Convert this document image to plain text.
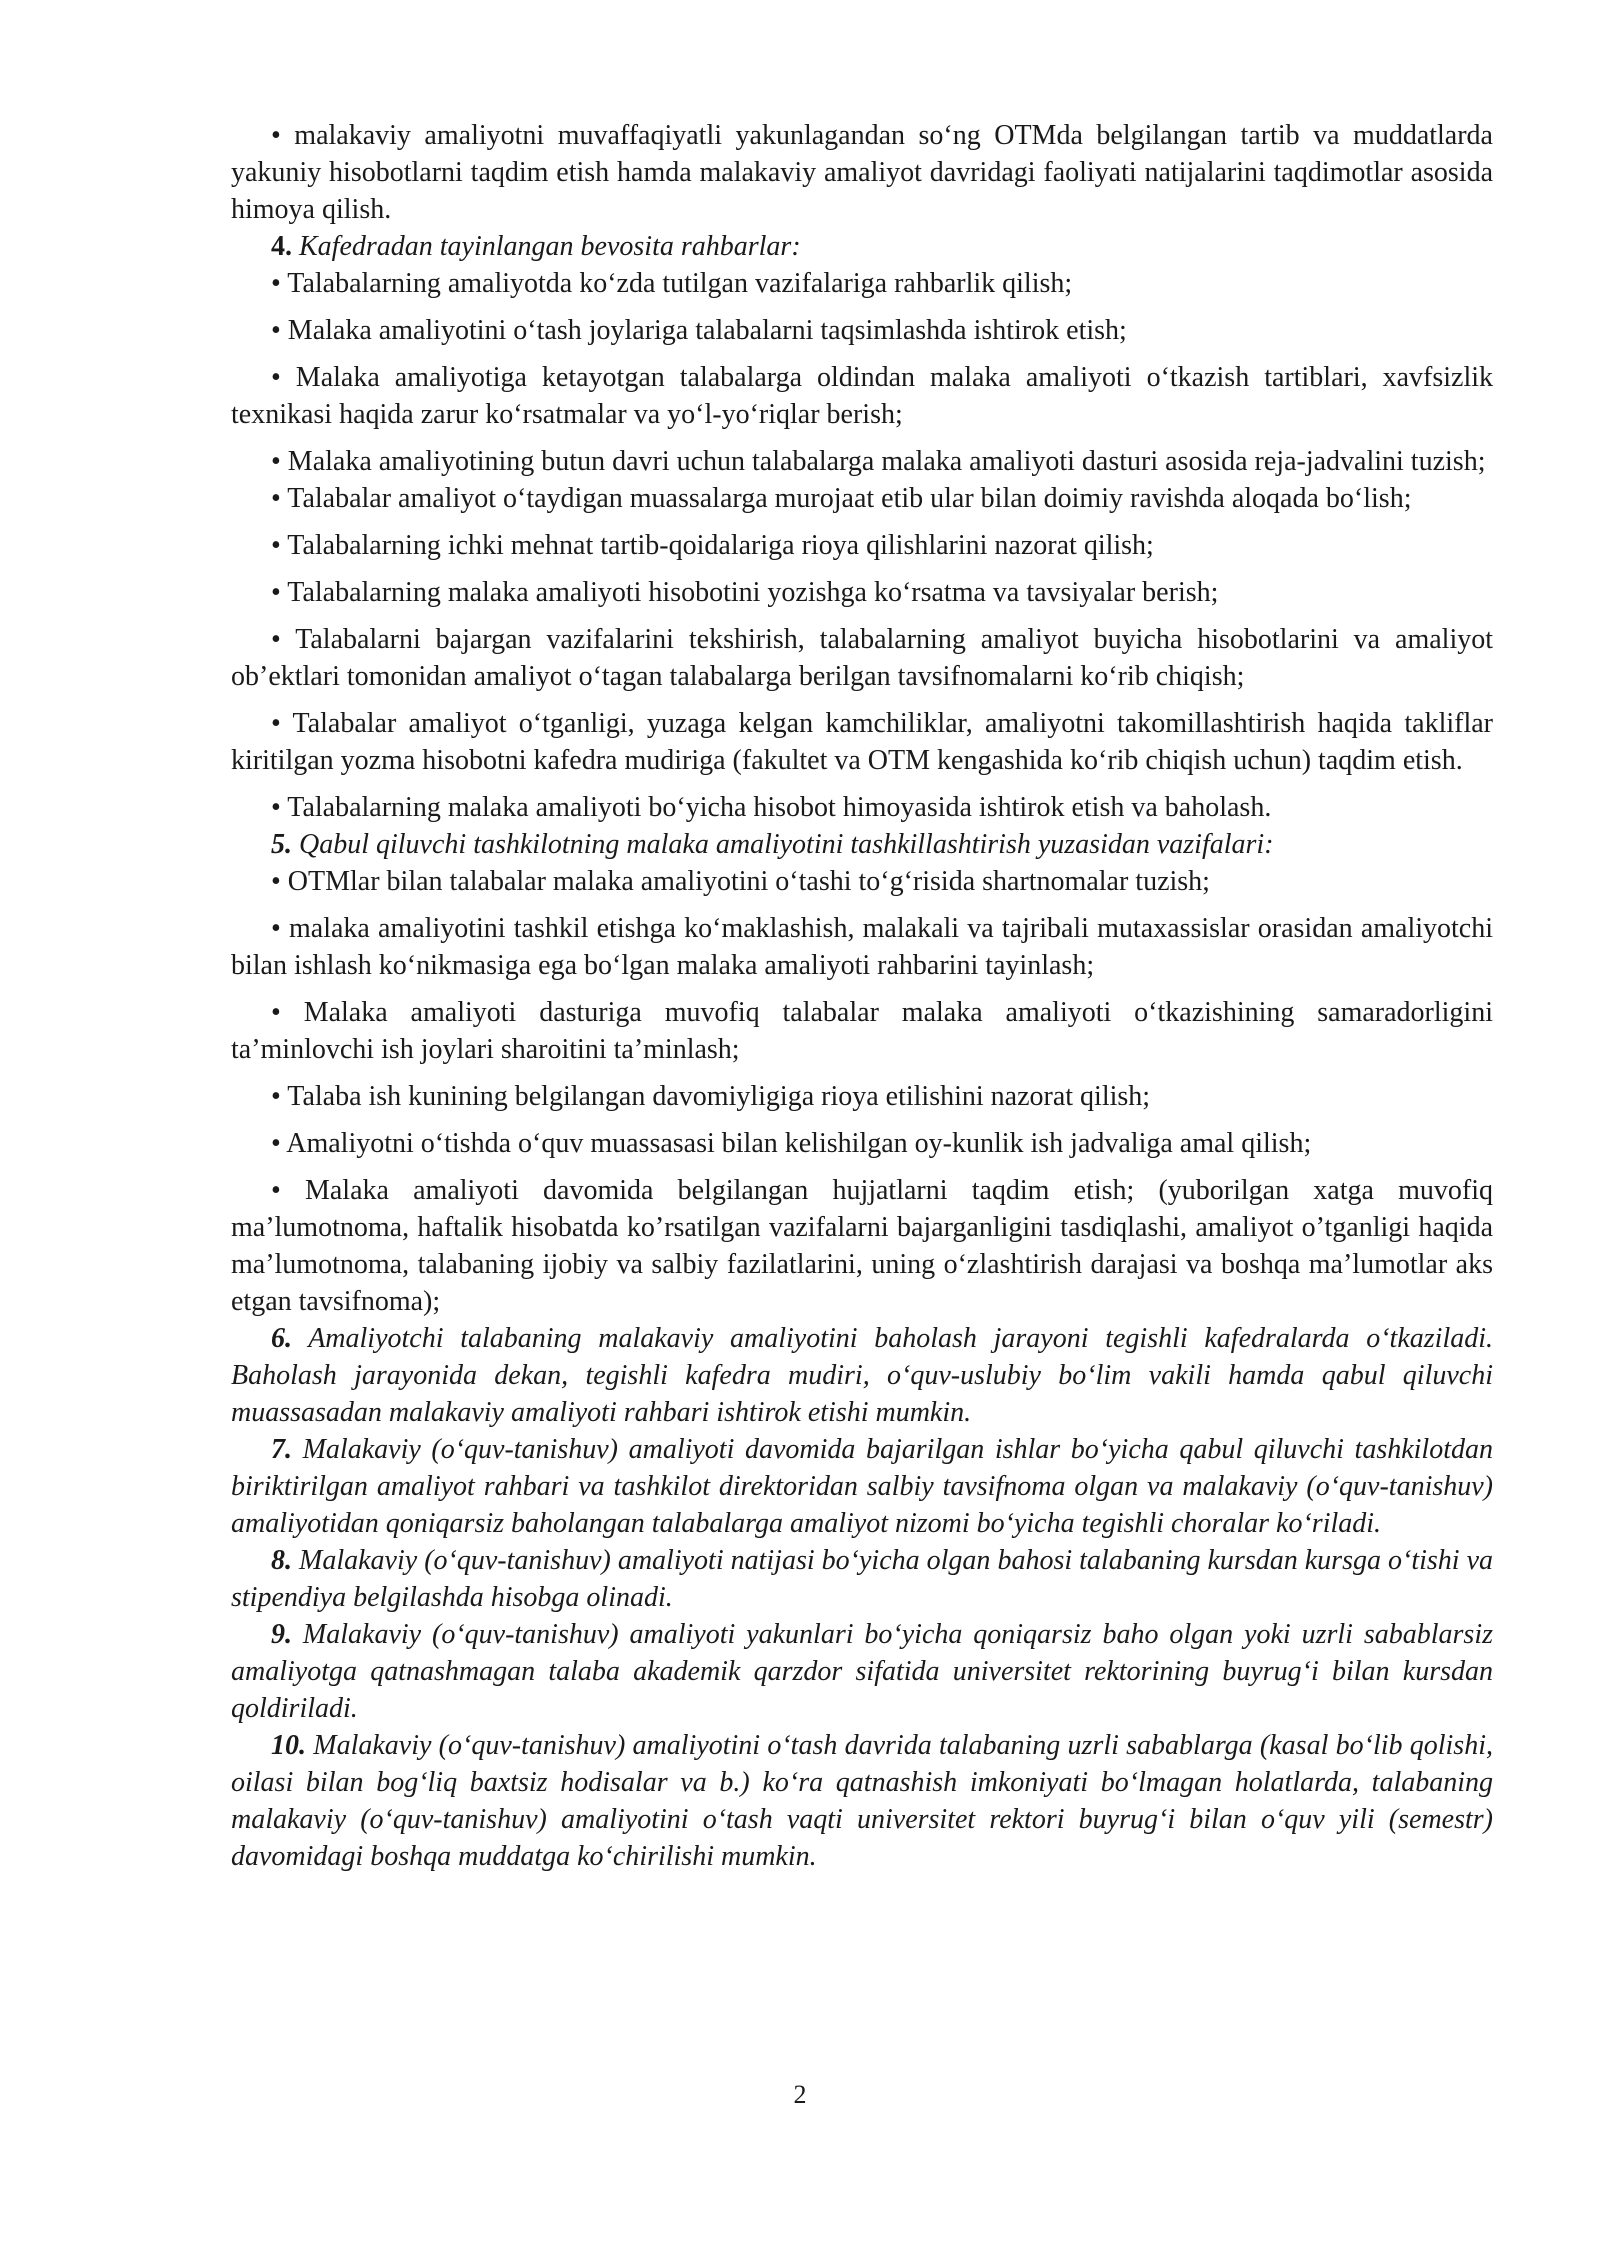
• malakaviy amaliyotni muvaffaqiyatli yakunlagandan so‘ng OTMda belgilangan tartib va muddatlarda yakuniy hisobotlarni taqdim etish hamda malakaviy amaliyot davridagi faoliyati natijalarini taqdimotlar asosida himoya qilish.

4. Kafedradan tayinlangan bevosita rahbarlar:

• Talabalarning amaliyotda ko‘zda tutilgan vazifalariga rahbarlik qilish;

• Malaka amaliyotini o‘tash joylariga talabalarni taqsimlashda ishtirok etish;

• Malaka amaliyotiga ketayotgan talabalarga oldindan malaka amaliyoti o‘tkazish tartiblari, xavfsizlik texnikasi haqida zarur ko‘rsatmalar va yo‘l-yo‘riqlar berish;

• Malaka amaliyotining butun davri uchun talabalarga malaka amaliyoti dasturi asosida reja-jadvalini tuzish;

• Talabalar amaliyot o‘taydigan muassalarga murojaat etib ular bilan doimiy ravishda aloqada bo‘lish;

• Talabalarning ichki mehnat tartib-qoidalariga rioya qilishlarini nazorat qilish;

• Talabalarning malaka amaliyoti hisobotini yozishga ko‘rsatma va tavsiyalar berish;

• Talabalarni bajargan vazifalarini tekshirish, talabalarning amaliyot buyicha hisobotlarini va amaliyot ob’ektlari tomonidan amaliyot o‘tagan talabalarga berilgan tavsifnomalarni ko‘rib chiqish;

• Talabalar amaliyot o‘tganligi, yuzaga kelgan kamchiliklar, amaliyotni takomillashtirish haqida takliflar kiritilgan yozma hisobotni kafedra mudiriga (fakultet va OTM kengashida ko‘rib chiqish uchun) taqdim etish.

• Talabalarning malaka amaliyoti bo‘yicha hisobot himoyasida ishtirok etish va baholash.

5. Qabul qiluvchi tashkilotning malaka amaliyotini tashkillashtirish yuzasidan vazifalari:

• OTMlar bilan talabalar malaka amaliyotini o‘tashi to‘g‘risida shartnomalar tuzish;

• malaka amaliyotini tashkil etishga ko‘maklashish, malakali va tajribali mutaxassislar orasidan amaliyotchi bilan ishlash ko‘nikmasiga ega bo‘lgan malaka amaliyoti rahbarini tayinlash;

• Malaka amaliyoti dasturiga muvofiq talabalar malaka amaliyoti o‘tkazishining samaradorligini ta’minlovchi ish joylari sharoitini ta’minlash;

• Talaba ish kunining belgilangan davomiyligiga rioya etilishini nazorat qilish;

• Amaliyotni o‘tishda o‘quv muassasasi bilan kelishilgan oy-kunlik ish jadvaliga amal qilish;

• Malaka amaliyoti davomida belgilangan hujjatlarni taqdim etish; (yuborilgan xatga muvofiq ma’lumotnoma, haftalik hisobatda ko’rsatilgan vazifalarni bajarganligini tasdiqlashi, amaliyot o’tganligi haqida ma’lumotnoma, talabaning ijobiy va salbiy fazilatlarini, uning o‘zlashtirish darajasi va boshqa ma’lumotlar aks etgan tavsifnoma);

6. Amaliyotchi talabaning malakaviy amaliyotini baholash jarayoni tegishli kafedralarda o‘tkaziladi. Baholash jarayonida dekan, tegishli kafedra mudiri, o‘quv-uslubiy bo‘lim vakili hamda qabul qiluvchi muassasadan malakaviy amaliyoti rahbari ishtirok etishi mumkin.

7. Malakaviy (o‘quv-tanishuv) amaliyoti davomida bajarilgan ishlar bo‘yicha qabul qiluvchi tashkilotdan biriktirilgan amaliyot rahbari va tashkilot direktoridan salbiy tavsifnoma olgan va malakaviy (o‘quv-tanishuv) amaliyotidan qoniqarsiz baholangan talabalarga amaliyot nizomi bo‘yicha tegishli choralar ko‘riladi.

8. Malakaviy (o‘quv-tanishuv) amaliyoti natijasi bo‘yicha olgan bahosi talabaning kursdan kursga o‘tishi va stipendiya belgilashda hisobga olinadi.

9. Malakaviy (o‘quv-tanishuv) amaliyoti yakunlari bo‘yicha qoniqarsiz baho olgan yoki uzrli sabablarsiz amaliyotga qatnashmagan talaba akademik qarzdor sifatida universitet rektorining buyrug‘i bilan kursdan qoldiriladi.

10. Malakaviy (o‘quv-tanishuv) amaliyotini o‘tash davrida talabaning uzrli sabablarga (kasal bo‘lib qolishi, oilasi bilan bog‘liq baxtsiz hodisalar va b.) ko‘ra qatnashish imkoniyati bo‘lmagan holatlarda, talabaning malakaviy (o‘quv-tanishuv) amaliyotini o‘tash vaqti universitet rektori buyrug‘i bilan o‘quv yili (semestr) davomidagi boshqa muddatga ko‘chirilishi mumkin.

2
